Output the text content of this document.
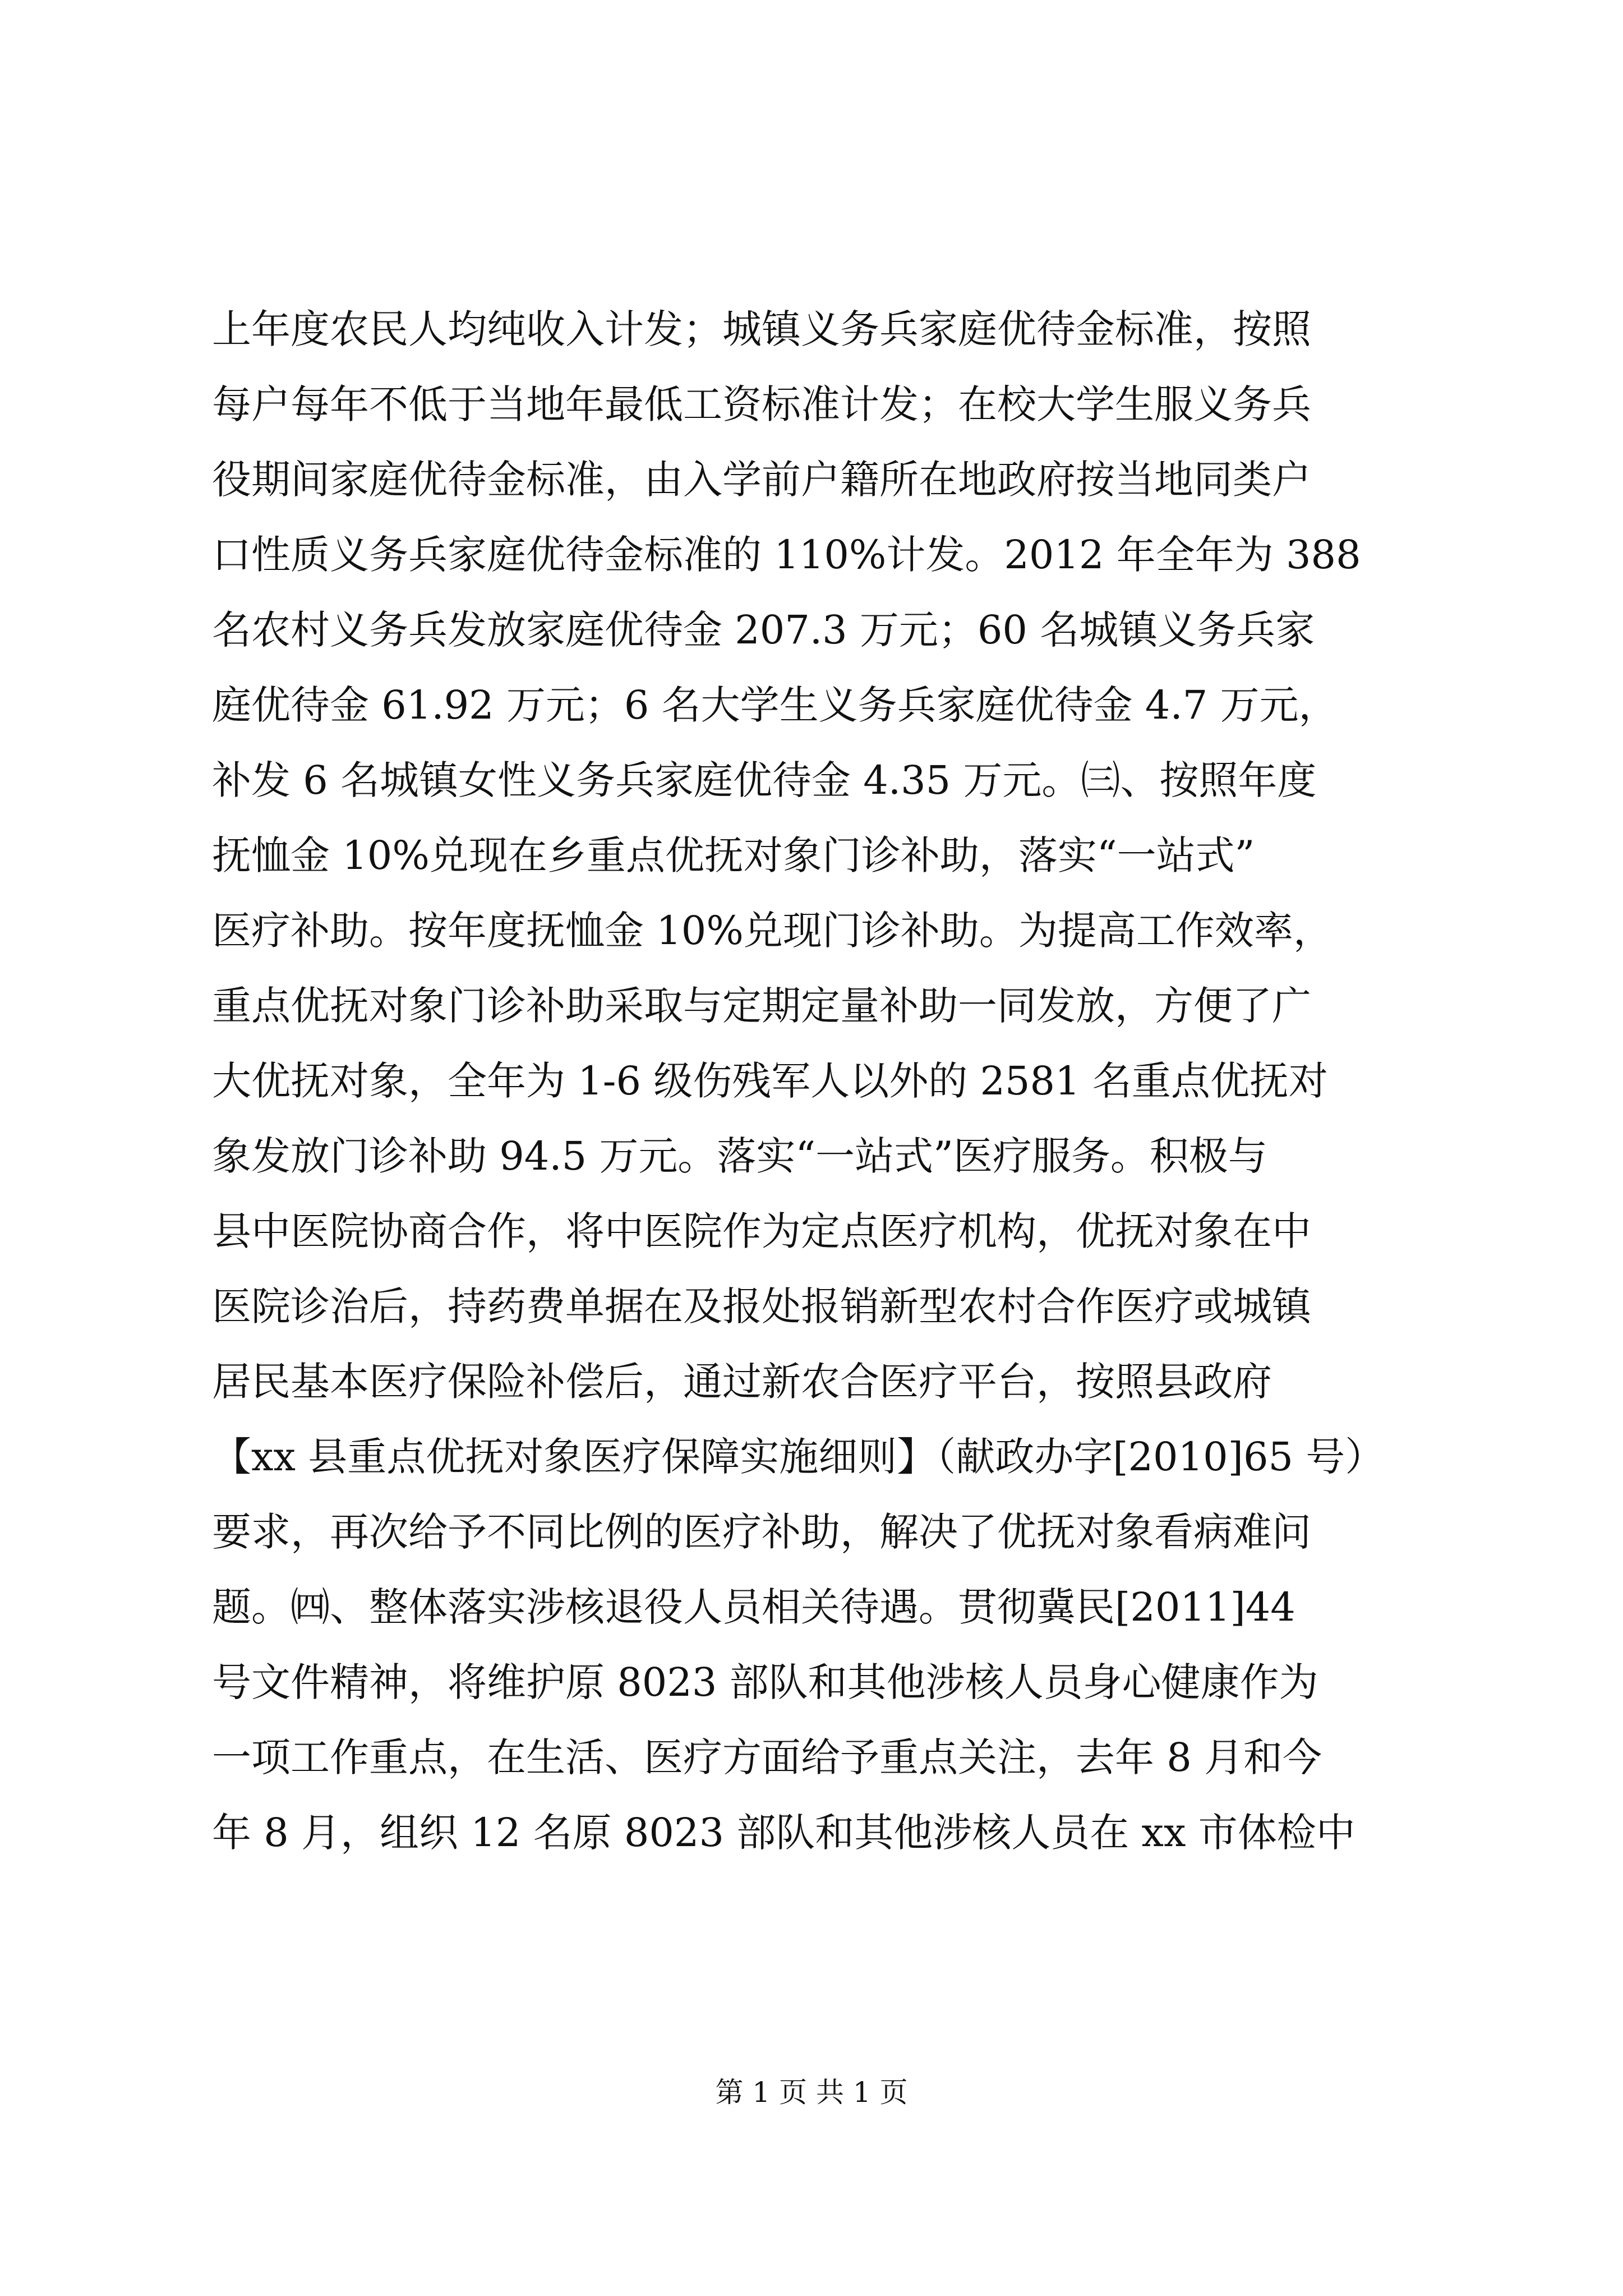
上年度农民人均纯收入计发；城镇义务兵家庭优待金标准，按照
每户每年不低于当地年最低工资标准计发；在校大学生服义务兵
役期间家庭优待金标准，由入学前户籍所在地政府按当地同类户
口性质义务兵家庭优待金标准的 110%计发。2012 年全年为 388
名农村义务兵发放家庭优待金 207.3 万元；60 名城镇义务兵家
庭优待金 61.92 万元；6 名大学生义务兵家庭优待金 4.7 万元，
补发 6 名城镇女性义务兵家庭优待金 4.35 万元。㈢、按照年度
抚恤金 10%兑现在乡重点优抚对象门诊补助，落实“一站式”
医疗补助。按年度抚恤金 10%兑现门诊补助。为提高工作效率，
重点优抚对象门诊补助采取与定期定量补助一同发放，方便了广
大优抚对象，全年为 1-6 级伤残军人以外的 2581 名重点优抚对
象发放门诊补助 94.5 万元。落实“一站式”医疗服务。积极与
县中医院协商合作，将中医院作为定点医疗机构，优抚对象在中
医院诊治后，持药费单据在及报处报销新型农村合作医疗或城镇
居民基本医疗保险补偿后，通过新农合医疗平台，按照县政府
【xx 县重点优抚对象医疗保障实施细则】（献政办字[2010]65 号）
要求，再次给予不同比例的医疗补助，解决了优抚对象看病难问
题。㈣、整体落实涉核退役人员相关待遇。贯彻冀民[2011]44
号文件精神，将维护原 8023 部队和其他涉核人员身心健康作为
一项工作重点，在生活、医疗方面给予重点关注，去年 8 月和今
年 8 月，组织 12 名原 8023 部队和其他涉核人员在 xx 市体检中
第 1 页 共 1 页
